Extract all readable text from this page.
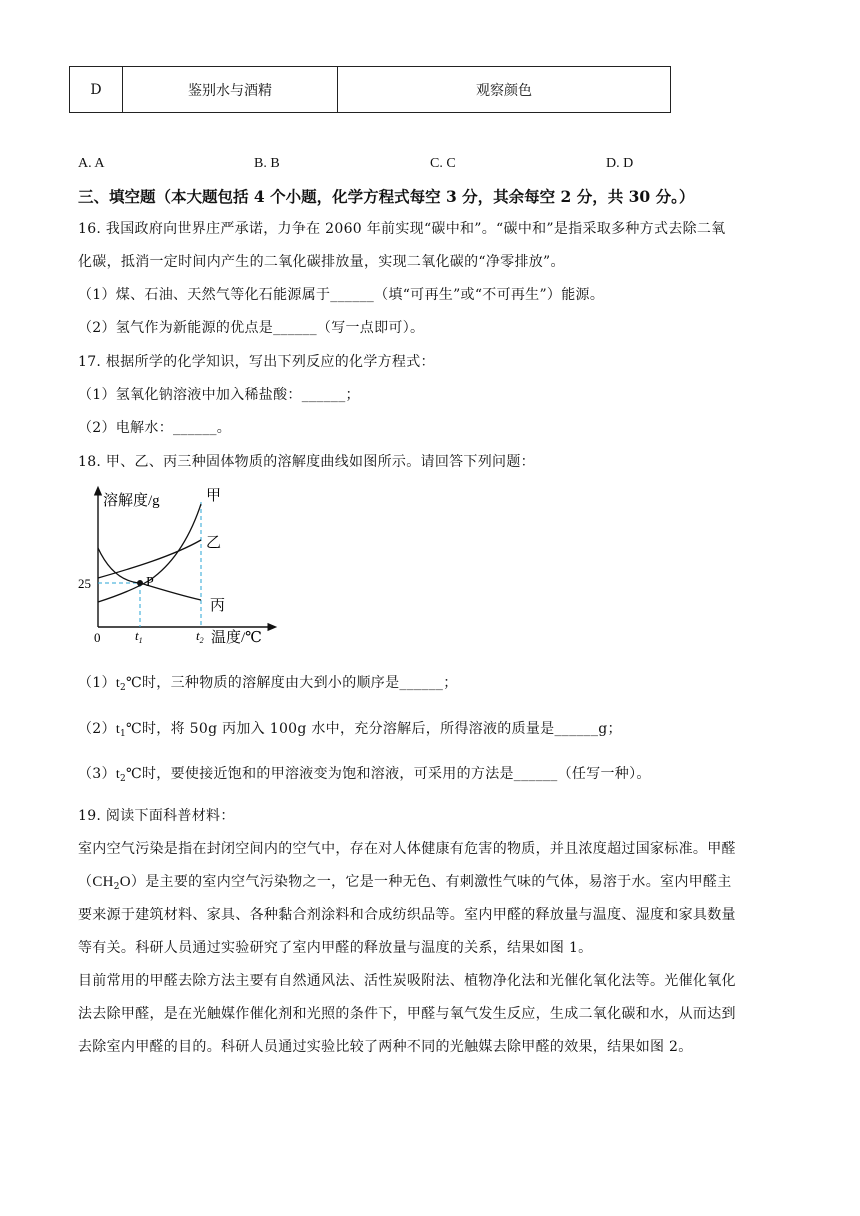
D	鉴别水与酒精	观察颜色
A. A	B. B	C. C	D. D
三、填空题（本大题包括 4 个小题，化学方程式每空 3 分，其余每空 2 分，共 30 分。）
16. 我国政府向世界庄严承诺，力争在 2060 年前实现“碳中和”。“碳中和”是指采取多种方式去除二氧
化碳，抵消一定时间内产生的二氧化碳排放量，实现二氧化碳的“净零排放”。
（1）煤、石油、天然气等化石能源属于______（填“可再生”或“不可再生”）能源。
（2）氢气作为新能源的优点是______（写一点即可）。
17. 根据所学的化学知识，写出下列反应的化学方程式：
（1）氢氧化钠溶液中加入稀盐酸：______；
（2）电解水：______。
18. 甲、乙、丙三种固体物质的溶解度曲线如图所示。请回答下列问题：
溶解度/g
温度/℃
0
25
$t_1$	$t_2$
P
甲
乙
丙
$(1)t_2℃$时，三种物质的溶解度由大到小的顺序是______；
$(2)t_1℃$时，将 50g 丙加入 100g 水中，充分溶解后，所得溶液的质量是______g；
$(3)t_2℃$时，要使接近饱和的甲溶液变为饱和溶液，可采用的方法是______（任写一种）。
19. 阅读下面科普材料：
室内空气污染是指在封闭空间内的空气中，存在对人体健康有危害的物质，并且浓度超过国家标准。甲醛
$(CH_2O)$是主要的室内空气污染物之一，它是一种无色、有刺激性气味的气体，易溶于水。室内甲醛主
要来源于建筑材料、家具、各种黏合剂涂料和合成纺织品等。室内甲醛的释放量与温度、湿度和家具数量
等有关。科研人员通过实验研究了室内甲醛的释放量与温度的关系，结果如图 1。
目前常用的甲醛去除方法主要有自然通风法、活性炭吸附法、植物净化法和光催化氧化法等。光催化氧化
法去除甲醛，是在光触媒作催化剂和光照的条件下，甲醛与氧气发生反应，生成二氧化碳和水，从而达到
去除室内甲醛的目的。科研人员通过实验比较了两种不同的光触媒去除甲醛的效果，结果如图 2。
